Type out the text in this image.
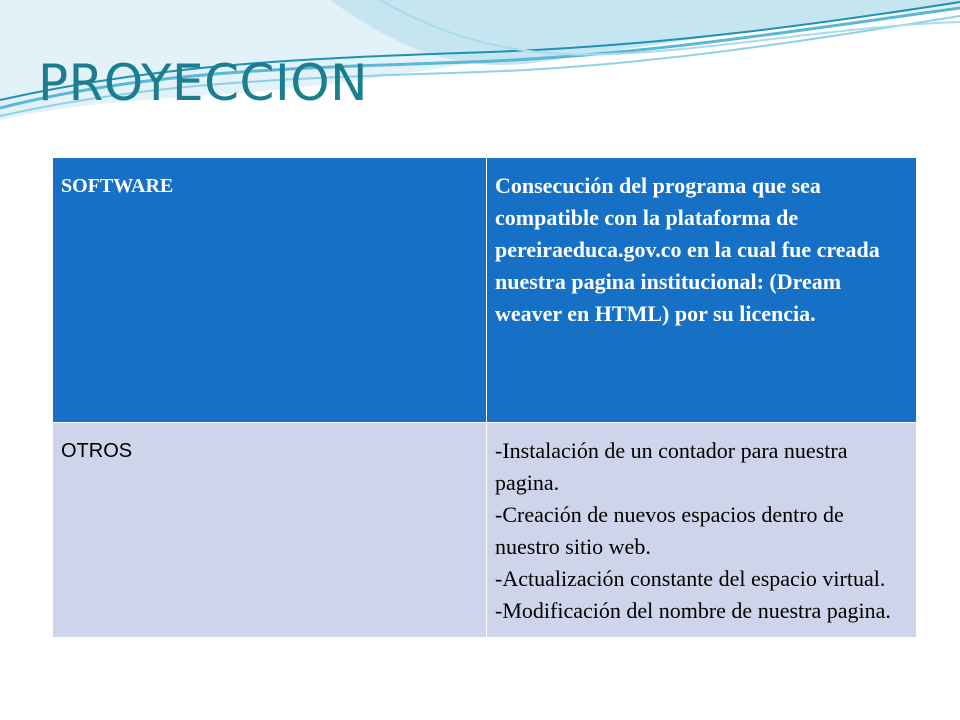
PROYECCION
SOFTWARE	Consecución del programa que sea compatible con la plataforma de pereiraeduca.gov.co en la cual fue creada nuestra pagina institucional: (Dream weaver en HTML) por su licencia.
OTROS	-Instalación de un contador para nuestra pagina.
-Creación de nuevos espacios dentro de nuestro sitio web.
-Actualización constante del espacio virtual.
-Modificación del nombre de nuestra pagina.
